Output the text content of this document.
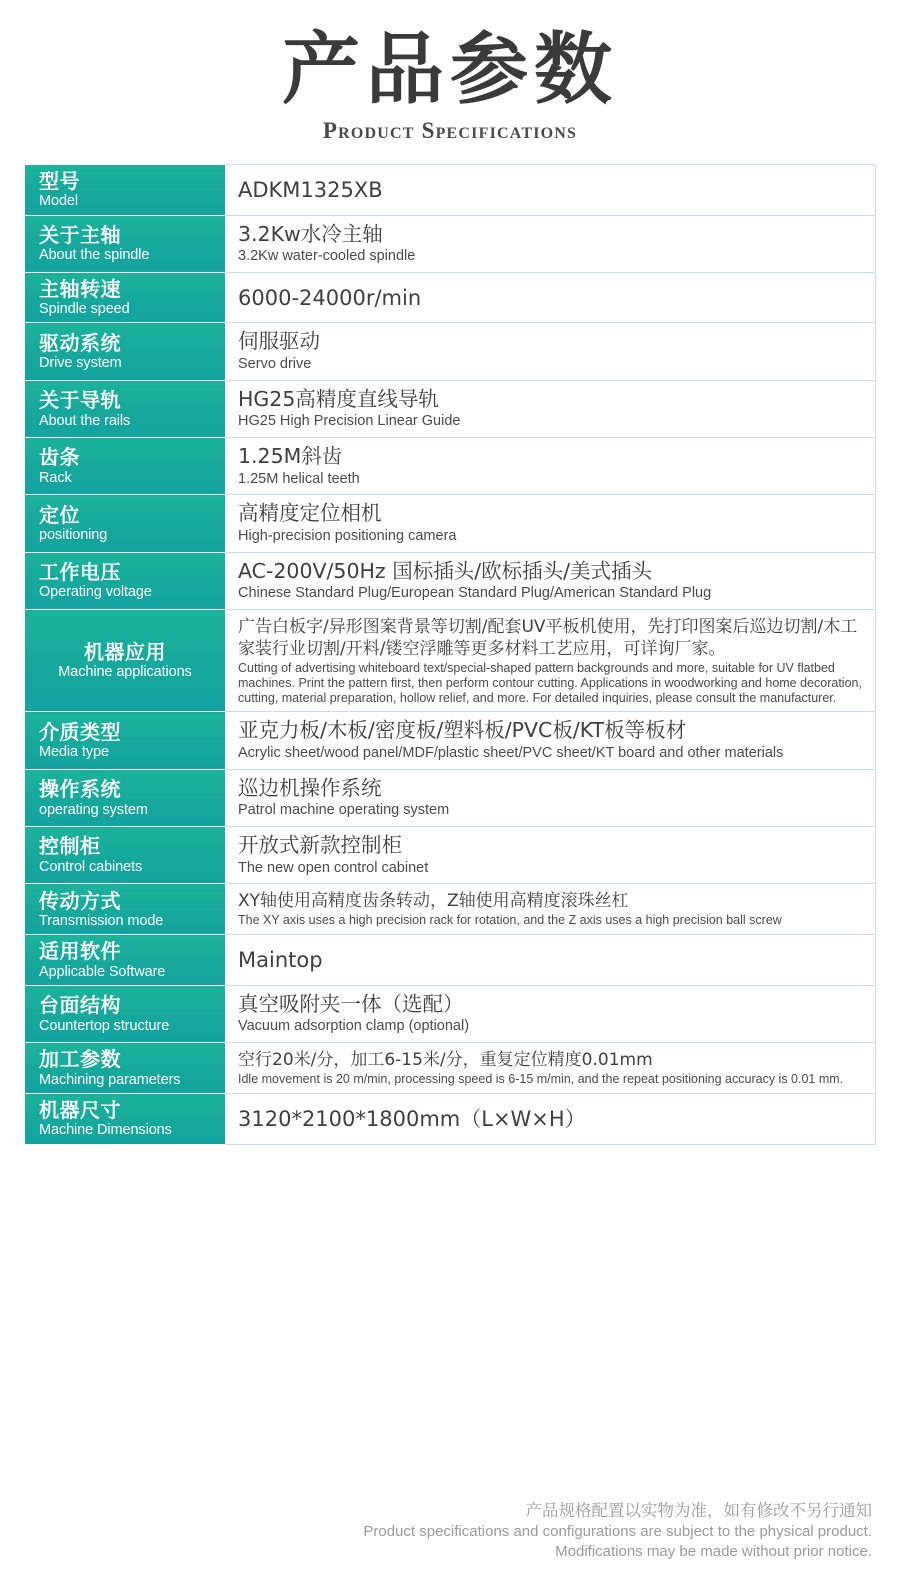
产品参数
Product Specifications
型号
Model	ADKM1325XB

关于主轴
About the spindle	3.2Kw水冷主轴
3.2Kw water-cooled spindle

主轴转速
Spindle speed	6000-24000r/min

驱动系统
Drive system	伺服驱动
Servo drive

关于导轨
About the rails	HG25高精度直线导轨
HG25 High Precision Linear Guide

齿条
Rack	1.25M斜齿
1.25M helical teeth

定位
positioning	高精度定位相机
High-precision positioning camera

工作电压
Operating voltage	AC-200V/50Hz 国标插头/欧标插头/美式插头
Chinese Standard Plug/European Standard Plug/American Standard Plug

机器应用
Machine applications	广告白板字/异形图案背景等切割/配套UV平板机使用，先打印图案后巡边切割/木工家装行业切割/开料/镂空浮雕等更多材料工艺应用，可详询厂家。
Cutting of advertising whiteboard text/special-shaped pattern backgrounds and more, suitable for UV flatbed machines. Print the pattern first, then perform contour cutting. Applications in woodworking and home decoration, cutting, material preparation, hollow relief, and more. For detailed inquiries, please consult the manufacturer.

介质类型
Media type	亚克力板/木板/密度板/塑料板/PVC板/KT板等板材
Acrylic sheet/wood panel/MDF/plastic sheet/PVC sheet/KT board and other materials

操作系统
operating system	巡边机操作系统
Patrol machine operating system

控制柜
Control cabinets	开放式新款控制柜
The new open control cabinet

传动方式
Transmission mode	XY轴使用高精度齿条转动，Z轴使用高精度滚珠丝杠
The XY axis uses a high precision rack for rotation, and the Z axis uses a high precision ball screw

适用软件
Applicable Software	Maintop

台面结构
Countertop structure	真空吸附夹一体（选配）
Vacuum adsorption clamp (optional)

加工参数
Machining parameters	空行20米/分，加工6-15米/分，重复定位精度0.01mm
Idle movement is 20 m/min, processing speed is 6-15 m/min, and the repeat positioning accuracy is 0.01 mm.

机器尺寸
Machine Dimensions	3120*2100*1800mm（L×W×H）
产品规格配置以实物为准，如有修改不另行通知
Product specifications and configurations are subject to the physical product.
Modifications may be made without prior notice.
